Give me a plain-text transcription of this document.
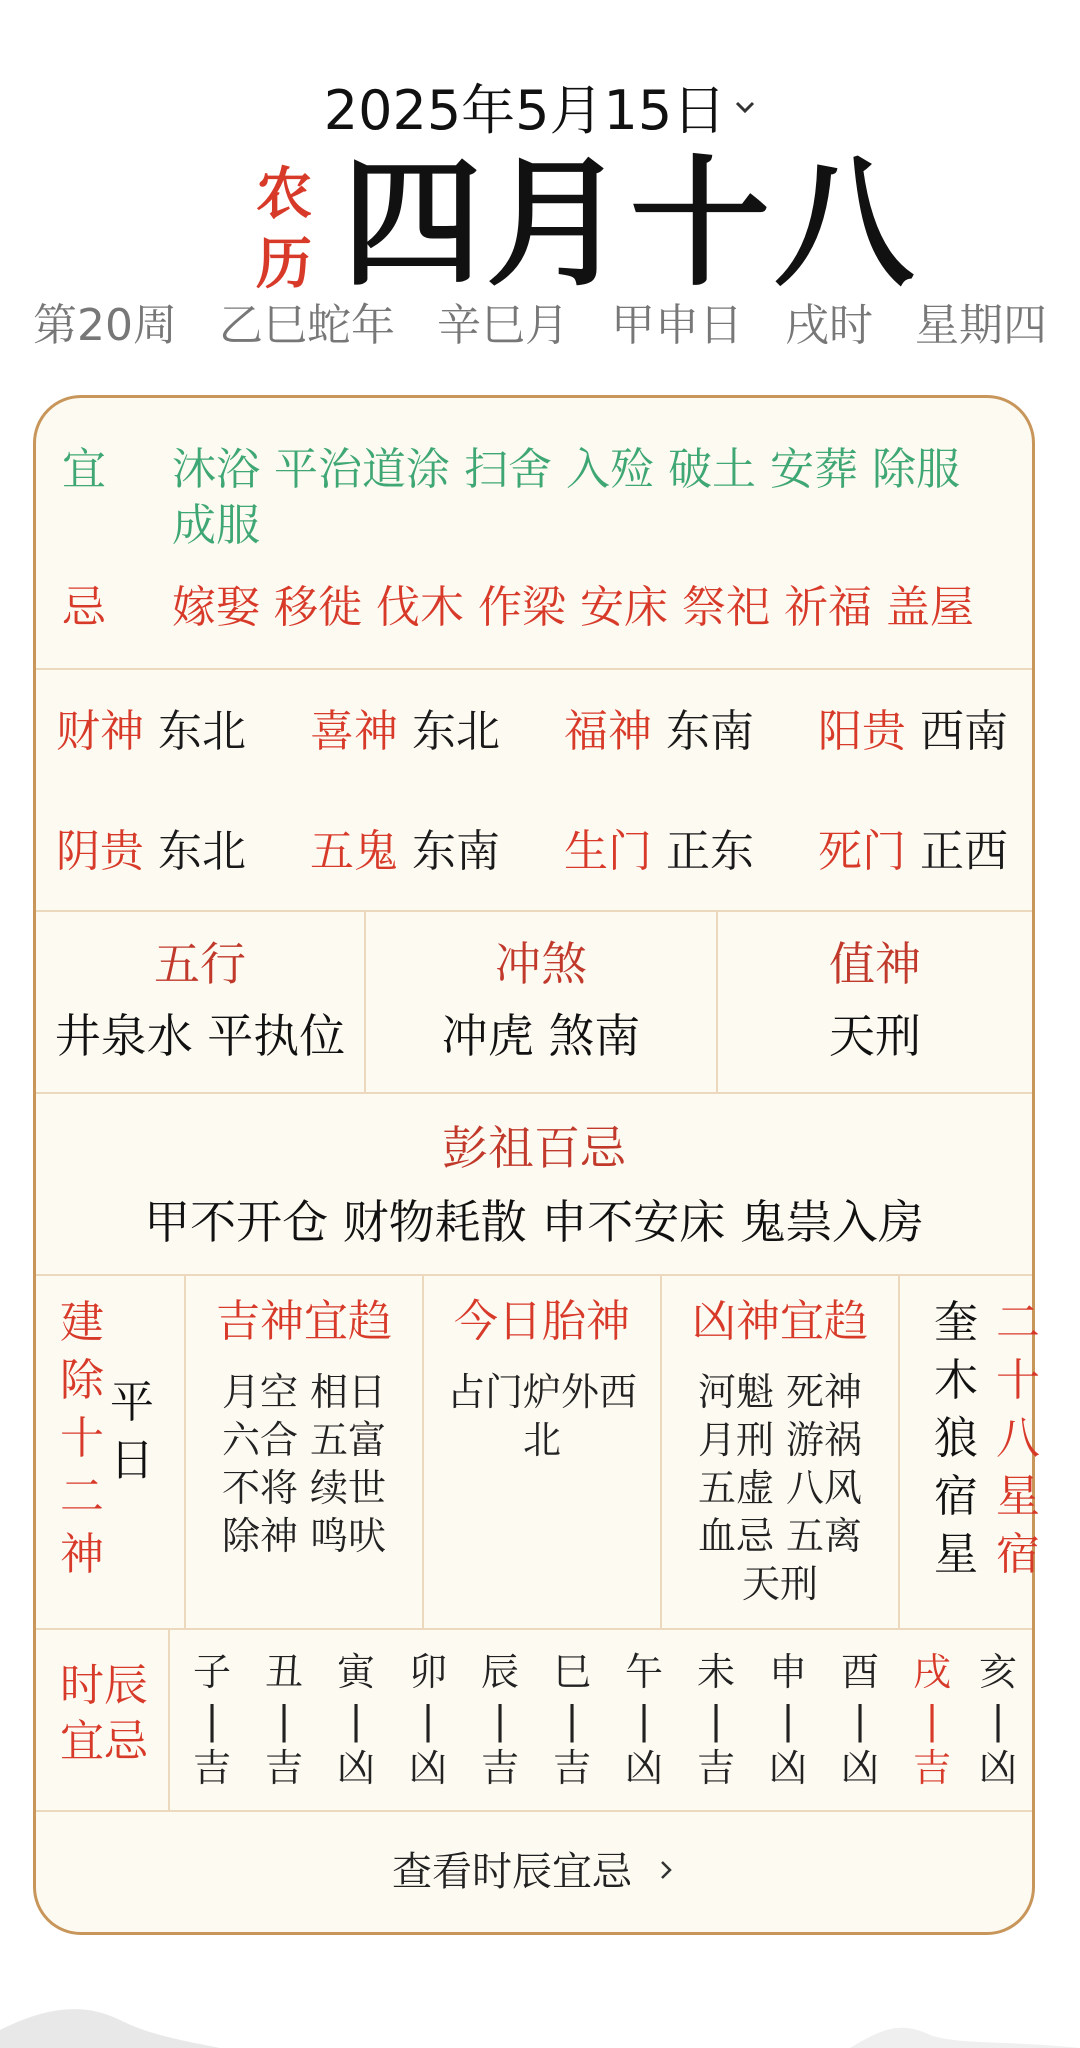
2025年5月15日
农
历 四月十八
第20周 乙巳蛇年 辛巳月 甲申日 戌时 星期四
宜	沐浴 平治道涂 扫舍 入殓 破土 安葬 除服成服
忌	嫁娶 移徙 伐木 作梁 安床 祭祀 祈福 盖屋
财神 东北 喜神 东北 福神 东南 阳贵 西南
阴贵 东北 五鬼 东南 生门 正东 死门 正西
五行
井泉水 平执位
冲煞
冲虎 煞南
值神
天刑
彭祖百忌
甲不开仓 财物耗散 申不安床 鬼祟入房
建
除
十
二
神
平
日
吉神宜趋
月空 相日
六合 五富
不将 续世
除神 鸣吠
今日胎神
占门炉外西
北
凶神宜趋
河魁 死神
月刑 游祸
五虚 八风
血忌 五离
天刑
奎
木
狼
宿
星
二
十
八
星
宿
时辰
宜忌
子
|
吉
丑
|
吉
寅
|
凶
卯
|
凶
辰
|
吉
巳
|
吉
午
|
凶
未
|
吉
申
|
凶
酉
|
凶
戌
|
吉
亥
|
凶
查看时辰宜忌
